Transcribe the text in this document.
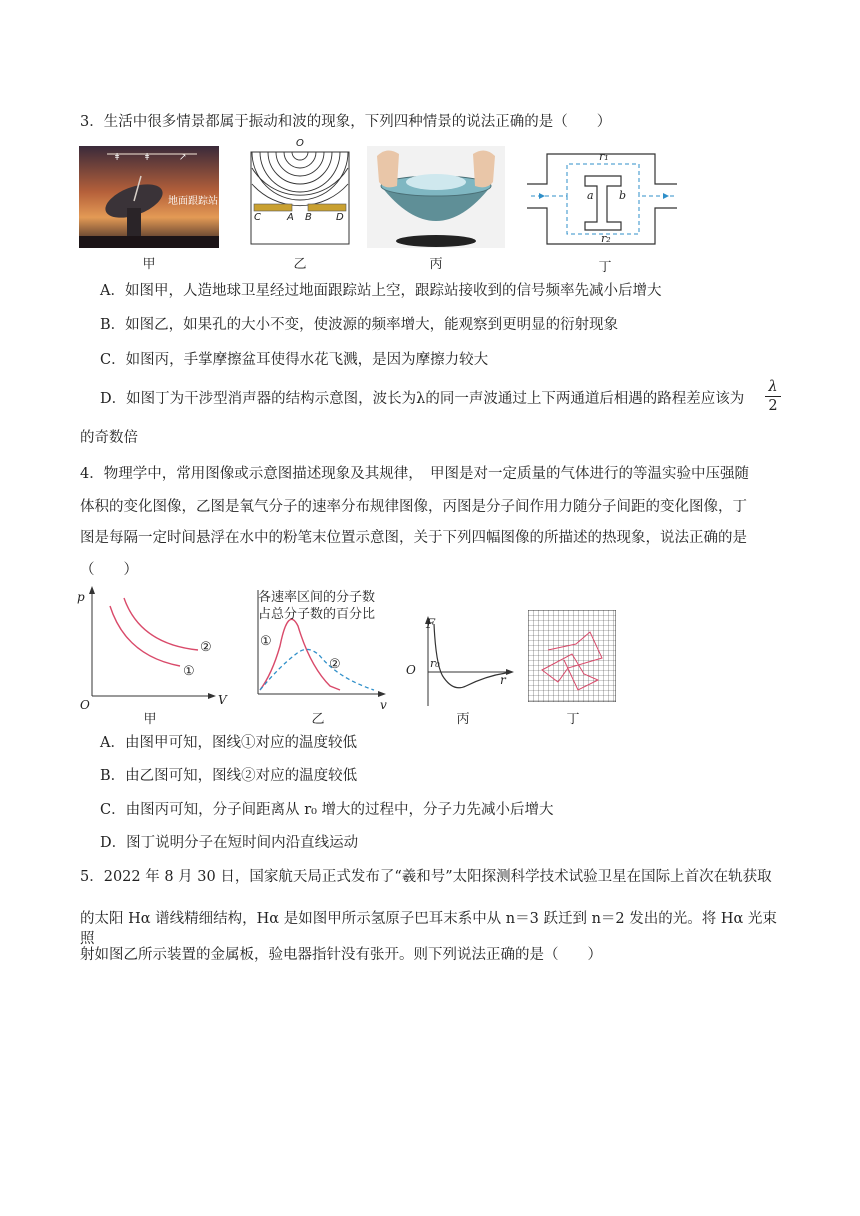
3．生活中很多情景都属于振动和波的现象，下列四种情景的说法正确的是（　　）
ǂ	ǂ	↗
地面跟踪站
甲
O
C	A B D
乙	丙
r₁
r₂
a b
丁
A．如图甲，人造地球卫星经过地面跟踪站上空，跟踪站接收到的信号频率先减小后增大
B．如图乙，如果孔的大小不变，使波源的频率增大，能观察到更明显的衍射现象
C．如图丙，手掌摩擦盆耳使得水花飞溅，是因为摩擦力较大
D．如图丁为干涉型消声器的结构示意图，波长为λ的同一声波通过上下两通道后相遇的路程差应该为	$\frac{\lambda}{2}$
的奇数倍
4．物理学中，常用图像或示意图描述现象及其规律，　甲图是对一定质量的气体进行的等温实验中压强随
体积的变化图像，乙图是氧气分子的速率分布规律图像，丙图是分子间作用力随分子间距的变化图像，丁
图是每隔一定时间悬浮在水中的粉笔末位置示意图，关于下列四幅图像的所描述的热现象，说法正确的是
（　　）
p
V
O
①
②
甲
各速率区间的分子数
占总分子数的百分比
①
②
v
乙
F
O r₀
r
丙	丁
A．由图甲可知，图线①对应的温度较低
B．由乙图可知，图线②对应的温度较低
C．由图丙可知，分子间距离从 r₀ 增大的过程中，分子力先减小后增大
D．图丁说明分子在短时间内沿直线运动
5．2022 年 8 月 30 日，国家航天局正式发布了“羲和号”太阳探测科学技术试验卫星在国际上首次在轨获取
的太阳 Hα 谱线精细结构，Hα 是如图甲所示氢原子巴耳末系中从 n＝3 跃迁到 n＝2 发出的光。将 Hα 光束照
射如图乙所示装置的金属板，验电器指针没有张开。则下列说法正确的是（　　）
